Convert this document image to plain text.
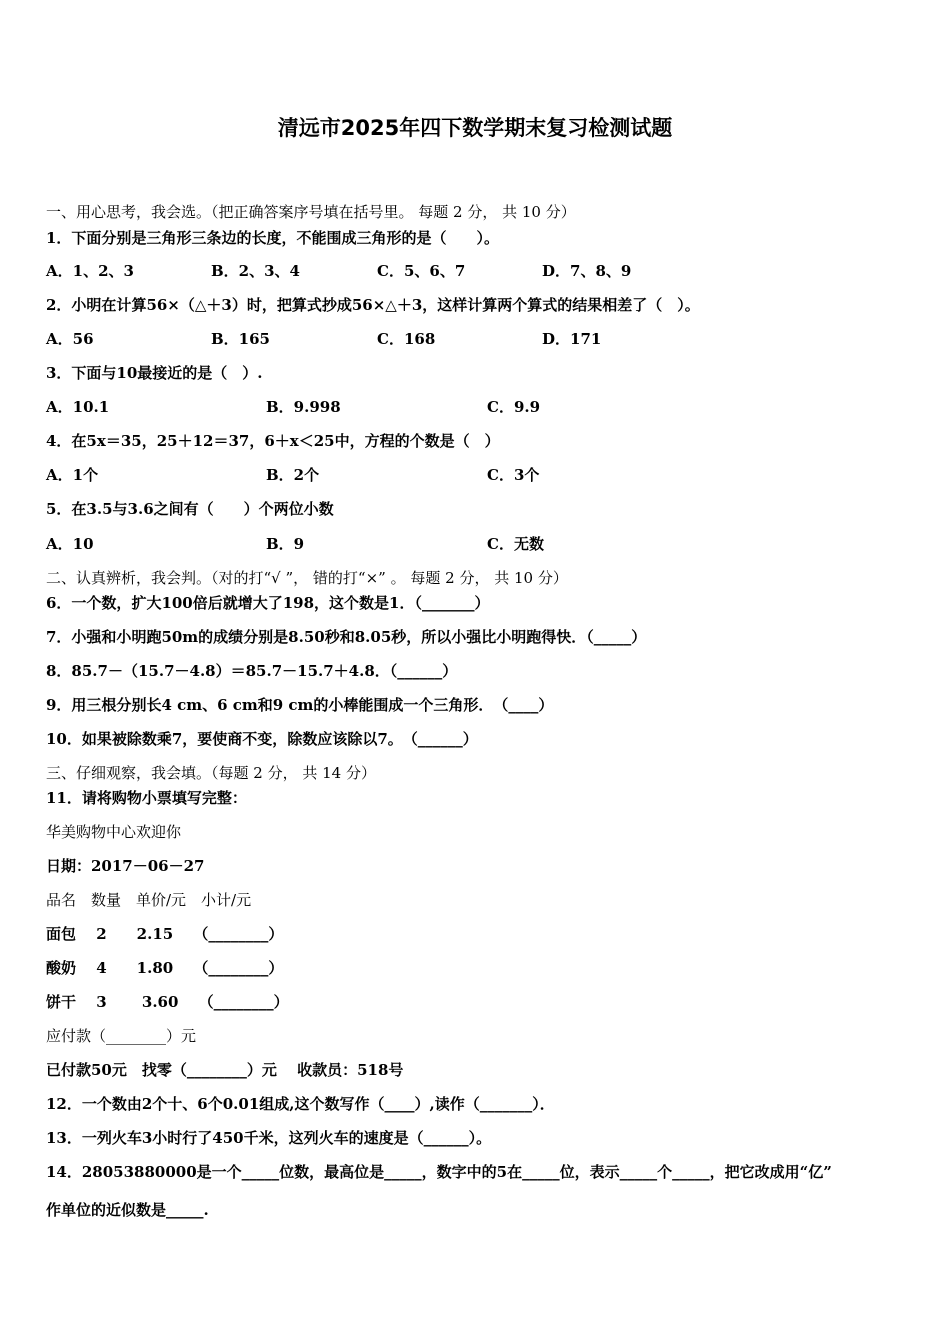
清远市2025年四下数学期末复习检测试题
一、用心思考，我会选。（把正确答案序号填在括号里。 每题 2 分， 共 10 分）
1．下面分别是三角形三条边的长度，不能围成三角形的是（　　）。
A．1、2、3	B．2、3、4	C．5、6、7	D．7、8、9
2．小明在计算56×（△＋3）时，把算式抄成56×△＋3，这样计算两个算式的结果相差了（　）。
A．56	B．165	C．168	D．171
3．下面与10最接近的是（　）.
A．10.1	B．9.998	C．9.9
4．在5x＝35，25＋12＝37，6＋x＜25中，方程的个数是（　）
A．1个	B．2个	C．3个
5．在3.5与3.6之间有（　　）个两位小数
A．10	B．9	C．无数
二、认真辨析，我会判。（对的打“√ ”， 错的打“×” 。 每题 2 分， 共 10 分）
6．一个数，扩大100倍后就增大了198，这个数是1．（_______）
7．小强和小明跑50m的成绩分别是8.50秒和8.05秒，所以小强比小明跑得快．（_____）
8．85.7－（15.7－4.8）＝85.7－15.7＋4.8．（______）
9．用三根分别长4 cm、6 cm和9 cm的小棒能围成一个三角形．　（____）
10．如果被除数乘7，要使商不变，除数应该除以7。　（______）
三、仔细观察，我会填。（每题 2 分， 共 14 分）
11．请将购物小票填写完整：
华美购物中心欢迎你
日期：2017－06－27
品名　数量　单价/元　小计/元
面包　 2　　2.15　 （________）
酸奶　 4　　1.80　 （________）
饼干　 3　　 3.60　 （________）
应付款（________）元
已付款50元　找零（________）元　 收款员：518号
12．一个数由2个十、6个0.01组成,这个数写作（____）,读作（_______）．
13．一列火车3小时行了450千米，这列火车的速度是（______）。
14．28053880000是一个_____位数，最高位是_____，数字中的5在_____位，表示_____个_____，把它改成用“亿”
作单位的近似数是_____.
